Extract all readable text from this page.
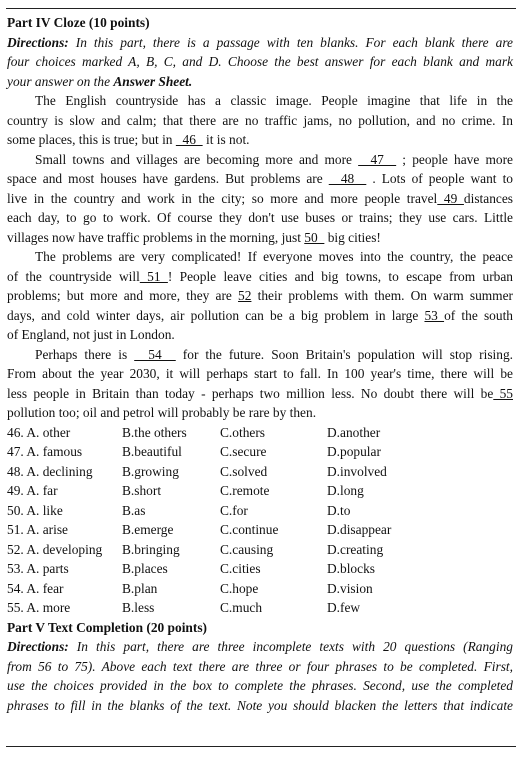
Part IV Cloze (10 points)
Directions: In this part, there is a passage with ten blanks. For each blank there are
four choices marked A, B, C, and D. Choose the best answer for each blank and mark
your answer on the Answer Sheet.
The English countryside has a classic image. People imagine that life in the
country is slow and calm; that there are no traffic jams, no pollution, and no crime. In
some places, this is true; but in   46   it is not.
Small towns and villages are becoming more and more   47   ; people have more
space and most houses have gardens. But problems are   48   . Lots of people want to
live in the country and work in the city; so more and more people travel 49 distances
each day, to go to work. Of course they don't use buses or trains; they use cars. Little
villages now have traffic problems in the morning, just 50   big cities!
The problems are very complicated! If everyone moves into the country, the peace
of the countryside will 51 ! People leave cities and big towns, to escape from urban
problems; but more and more, they are 52 their problems with them. On warm summer
days, and cold winter days, air pollution can be a big problem in large 53 of the south
of England, not just in London.
Perhaps there is   54   for the future. Soon Britain's population will stop rising.
From about the year 2030, it will perhaps start to fall. In 100 year's time, there will be
less people in Britain than today - perhaps two million less. No doubt there will be 55
pollution too; oil and petrol will probably be rare by then.
46. A. other	B.the others C.others	D.another
47. A. famous	B.beautiful	C.secure	D.popular
48. A. declining B.growing	C.solved	D.involved
49. A. far	B.short	C.remote	D.long
50. A. like	B.as	C.for	D.to
51. A. arise	B.emerge	C.continue	D.disappear
52. A. developing B.bringing	C.causing	D.creating
53. A. parts	B.places	C.cities	D.blocks
54. A. fear	B.plan	C.hope	D.vision
55. A. more	B.less	C.much	D.few
Part V Text Completion (20 points)
Directions: In this part, there are three incomplete texts with 20 questions (Ranging
from 56 to 75). Above each text there are three or four phrases to be completed. First,
use the choices provided in the box to complete the phrases. Second, use the completed
phrases to fill in the blanks of the text. Note you should blacken the letters that indicate
